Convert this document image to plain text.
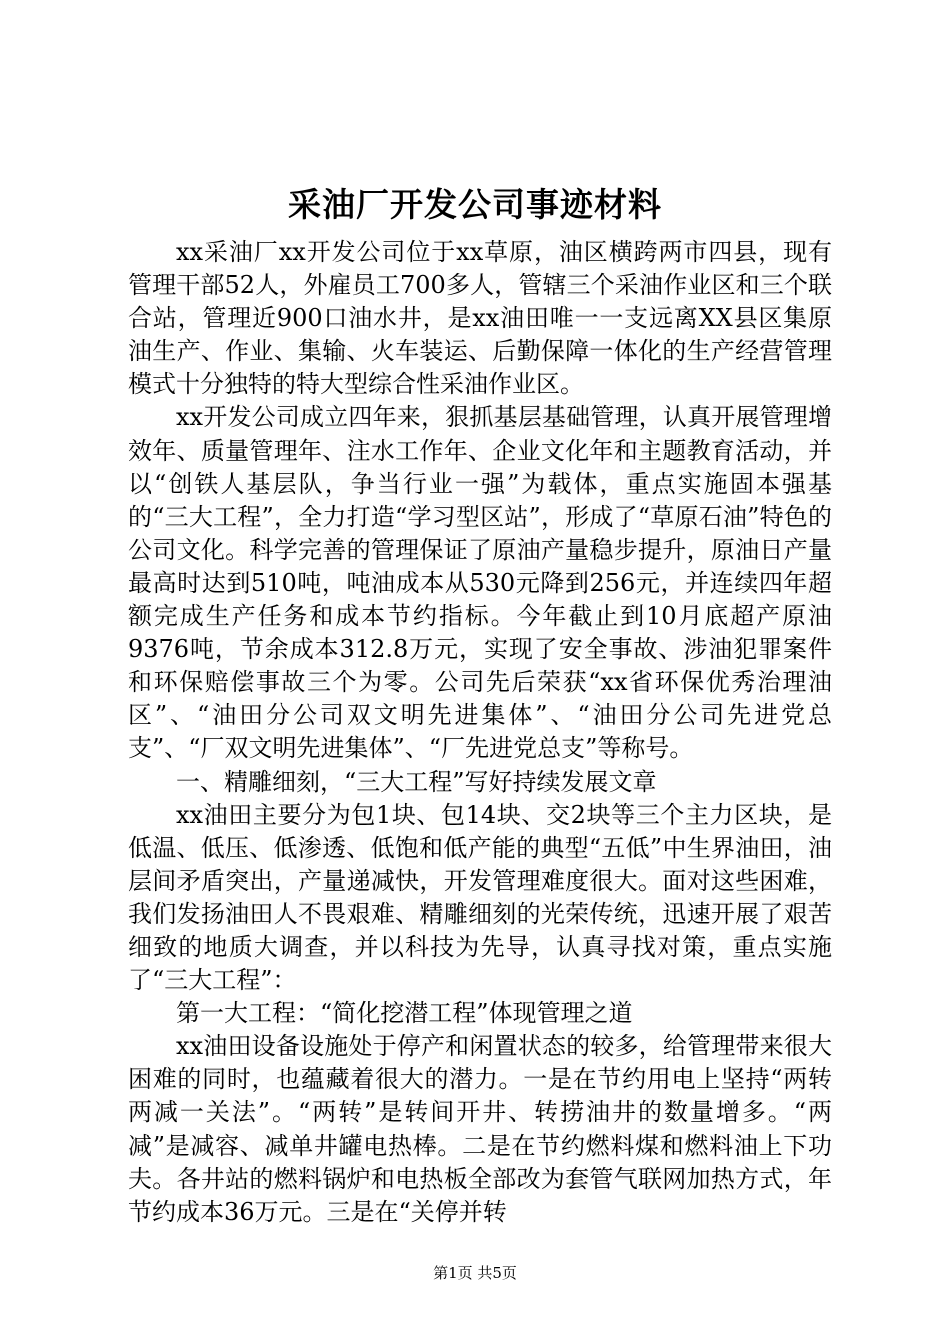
采油厂开发公司事迹材料

xx采油厂xx开发公司位于xx草原，油区横跨两市四县，现有管理干部52人，外雇员工700多人，管辖三个采油作业区和三个联合站，管理近900口油水井，是xx油田唯一一支远离XX县区集原油生产、作业、集输、火车装运、后勤保障一体化的生产经营管理模式十分独特的特大型综合性采油作业区。

xx开发公司成立四年来，狠抓基层基础管理，认真开展管理增效年、质量管理年、注水工作年、企业文化年和主题教育活动，并以“创铁人基层队，争当行业一强”为载体，重点实施固本强基的“三大工程”，全力打造“学习型区站”，形成了“草原石油”特色的公司文化。科学完善的管理保证了原油产量稳步提升，原油日产量最高时达到510吨，吨油成本从530元降到256元，并连续四年超额完成生产任务和成本节约指标。今年截止到10月底超产原油9376吨，节余成本312.8万元，实现了安全事故、涉油犯罪案件和环保赔偿事故三个为零。公司先后荣获“xx省环保优秀治理油区”、“油田分公司双文明先进集体”、“油田分公司先进党总支”、“厂双文明先进集体”、“厂先进党总支”等称号。

一、精雕细刻，“三大工程”写好持续发展文章

xx油田主要分为包1块、包14块、交2块等三个主力区块，是低温、低压、低渗透、低饱和低产能的典型“五低”中生界油田，油层间矛盾突出，产量递减快，开发管理难度很大。面对这些困难，我们发扬油田人不畏艰难、精雕细刻的光荣传统，迅速开展了艰苦细致的地质大调查，并以科技为先导，认真寻找对策，重点实施了“三大工程”：

第一大工程：“简化挖潜工程”体现管理之道

xx油田设备设施处于停产和闲置状态的较多，给管理带来很大困难的同时，也蕴藏着很大的潜力。一是在节约用电上坚持“两转两减一关法”。“两转”是转间开井、转捞油井的数量增多。“两减”是减容、减单井罐电热棒。二是在节约燃料煤和燃料油上下功夫。各井站的燃料锅炉和电热板全部改为套管气联网加热方式，年节约成本36万元。三是在“关停并转

第1页 共5页
